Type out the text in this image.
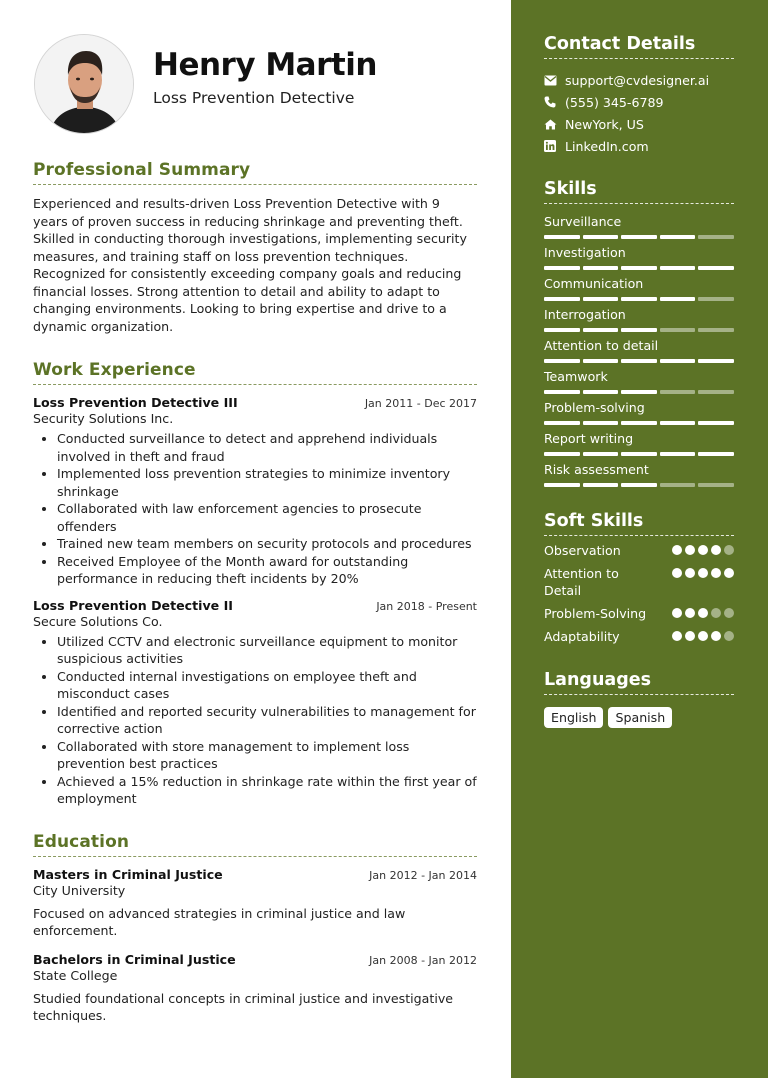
Henry Martin
Loss Prevention Detective
Professional Summary

Experienced and results-driven Loss Prevention Detective with 9 years of proven success in reducing shrinkage and preventing theft. Skilled in conducting thorough investigations, implementing security measures, and training staff on loss prevention techniques. Recognized for consistently exceeding company goals and reducing financial losses. Strong attention to detail and ability to adapt to changing environments. Looking to bring expertise and drive to a dynamic organization.

Work Experience
Loss Prevention Detective III	Jan 2011 - Dec 2017
Security Solutions Inc.
• Conducted surveillance to detect and apprehend individuals involved in theft and fraud
• Implemented loss prevention strategies to minimize inventory shrinkage
• Collaborated with law enforcement agencies to prosecute offenders
• Trained new team members on security protocols and procedures
• Received Employee of the Month award for outstanding performance in reducing theft incidents by 20%
Loss Prevention Detective II	Jan 2018 - Present
Secure Solutions Co.
• Utilized CCTV and electronic surveillance equipment to monitor suspicious activities
• Conducted internal investigations on employee theft and misconduct cases
• Identified and reported security vulnerabilities to management for corrective action
• Collaborated with store management to implement loss prevention best practices
• Achieved a 15% reduction in shrinkage rate within the first year of employment
Education
Masters in Criminal Justice	Jan 2012 - Jan 2014
City University

Focused on advanced strategies in criminal justice and law enforcement.

Bachelors in Criminal Justice	Jan 2008 - Jan 2012
State College

Studied foundational concepts in criminal justice and investigative techniques.

Contact Details
support@cvdesigner.ai
(555) 345-6789
NewYork, US
LinkedIn.com
Skills
Surveillance
Investigation
Communication
Interrogation
Attention to detail
Teamwork
Problem-solving
Report writing
Risk assessment
Soft Skills
Observation
Attention to Detail
Problem-Solving
Adaptability
Languages
English	Spanish
